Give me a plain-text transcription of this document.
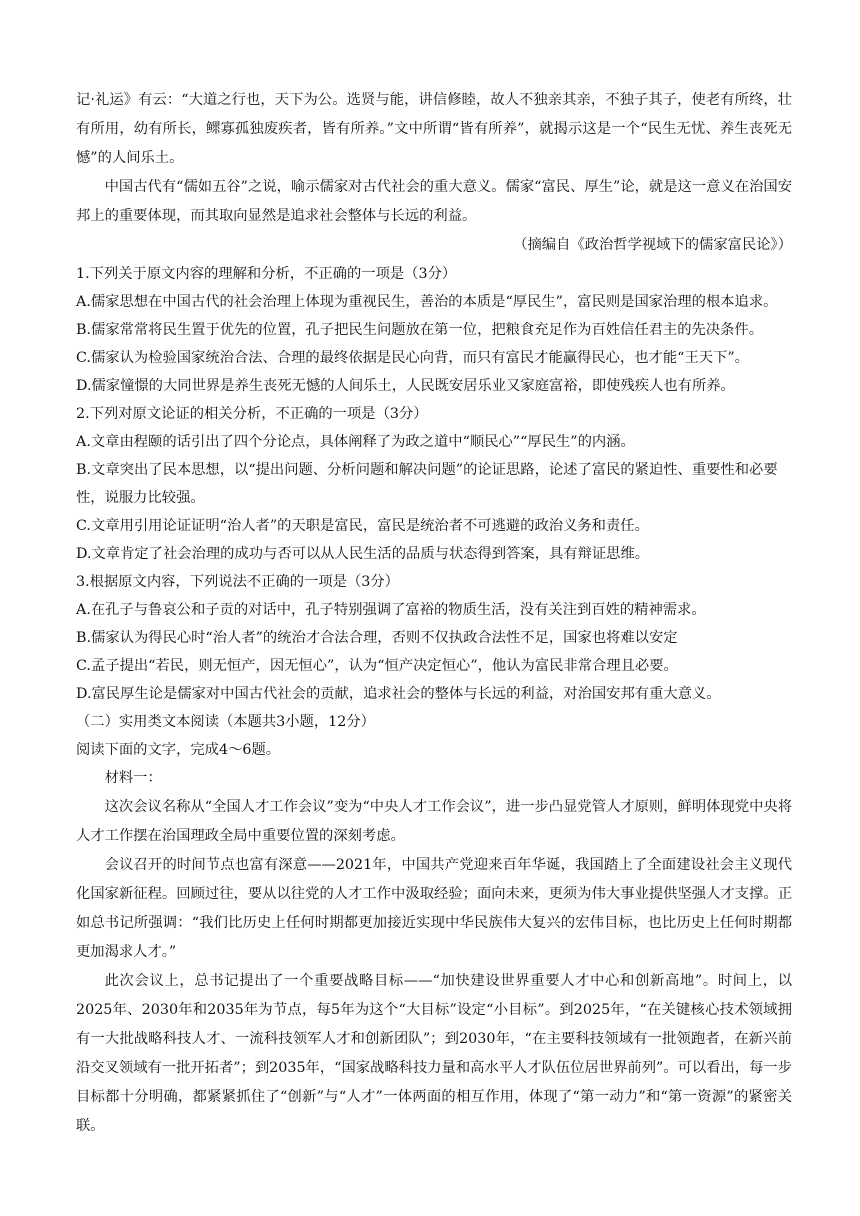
记·礼运》有云：“大道之行也，天下为公。选贤与能，讲信修睦，故人不独亲其亲，不独子其子，使老有所终，壮有所用，幼有所长，鳏寡孤独废疾者，皆有所养。”文中所谓“皆有所养”，就揭示这是一个“民生无忧、养生丧死无憾”的人间乐土。

中国古代有“儒如五谷”之说，喻示儒家对古代社会的重大意义。儒家“富民、厚生”论，就是这一意义在治国安邦上的重要体现，而其取向显然是追求社会整体与长远的利益。

（摘编自《政治哲学视域下的儒家富民论》）

1.下列关于原文内容的理解和分析，不正确的一项是（3分）

A.儒家思想在中国古代的社会治理上体现为重视民生，善治的本质是“厚民生”，富民则是国家治理的根本追求。

B.儒家常常将民生置于优先的位置，孔子把民生问题放在第一位，把粮食充足作为百姓信任君主的先决条件。

C.儒家认为检验国家统治合法、合理的最终依据是民心向背，而只有富民才能赢得民心，也才能“王天下”。

D.儒家憧憬的大同世界是养生丧死无憾的人间乐土，人民既安居乐业又家庭富裕，即使残疾人也有所养。

2.下列对原文论证的相关分析，不正确的一项是（3分）

A.文章由程颐的话引出了四个分论点，具体阐释了为政之道中“顺民心”“厚民生”的内涵。

B.文章突出了民本思想，以“提出问题、分析问题和解决问题”的论证思路，论述了富民的紧迫性、重要性和必要性，说服力比较强。

C.文章用引用论证证明“治人者”的天职是富民，富民是统治者不可逃避的政治义务和责任。

D.文章肯定了社会治理的成功与否可以从人民生活的品质与状态得到答案，具有辩证思维。

3.根据原文内容，下列说法不正确的一项是（3分）

A.在孔子与鲁哀公和子贡的对话中，孔子特别强调了富裕的物质生活，没有关注到百姓的精神需求。

B.儒家认为得民心时“治人者”的统治才合法合理，否则不仅执政合法性不足，国家也将难以安定

C.孟子提出“若民，则无恒产，因无恒心”，认为“恒产决定恒心”，他认为富民非常合理且必要。

D.富民厚生论是儒家对中国古代社会的贡献，追求社会的整体与长远的利益，对治国安邦有重大意义。

（二）实用类文本阅读（本题共3小题，12分）

阅读下面的文字，完成4～6题。

材料一：

这次会议名称从“全国人才工作会议”变为“中央人才工作会议”，进一步凸显党管人才原则，鲜明体现党中央将人才工作摆在治国理政全局中重要位置的深刻考虑。

会议召开的时间节点也富有深意——2021年，中国共产党迎来百年华诞，我国踏上了全面建设社会主义现代化国家新征程。回顾过往，要从以往党的人才工作中汲取经验；面向未来，更须为伟大事业提供坚强人才支撑。正如总书记所强调：“我们比历史上任何时期都更加接近实现中华民族伟大复兴的宏伟目标，也比历史上任何时期都更加渴求人才。”

此次会议上，总书记提出了一个重要战略目标——“加快建设世界重要人才中心和创新高地”。时间上，以2025年、2030年和2035年为节点，每5年为这个“大目标”设定“小目标”。到2025年，“在关键核心技术领域拥有一大批战略科技人才、一流科技领军人才和创新团队”；到2030年，“在主要科技领域有一批领跑者，在新兴前沿交叉领域有一批开拓者”；到2035年，“国家战略科技力量和高水平人才队伍位居世界前列”。可以看出，每一步目标都十分明确，都紧紧抓住了“创新”与“人才”一体两面的相互作用，体现了“第一动力”和“第一资源”的紧密关联。
